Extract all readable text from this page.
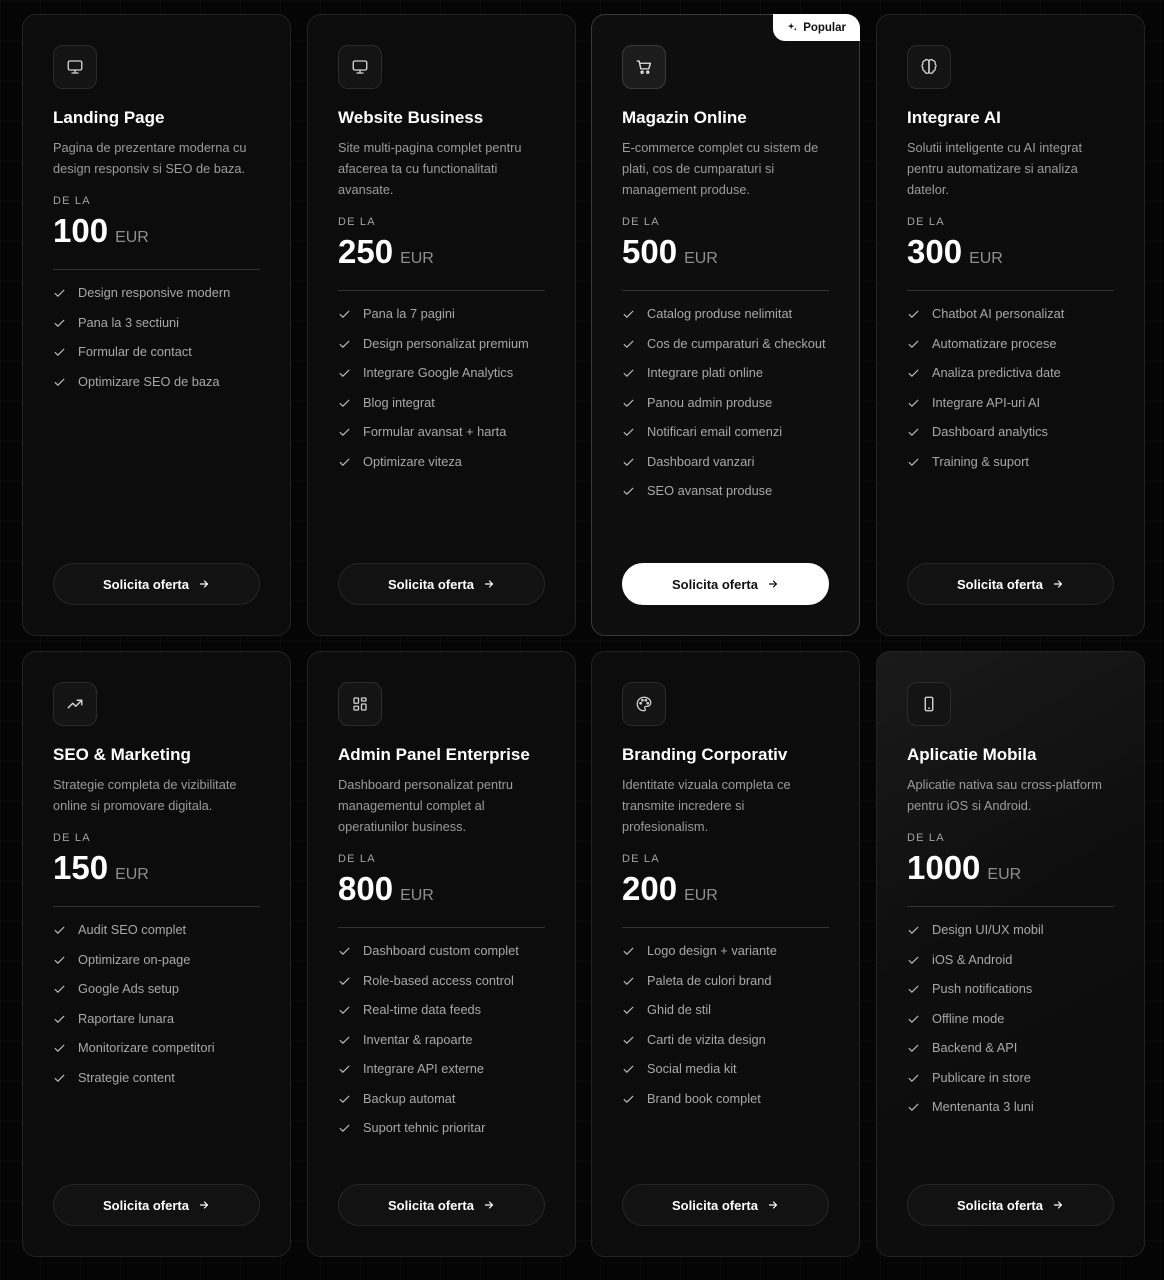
Landing Page
Pagina de prezentare moderna cu design responsiv si SEO de baza.
DE LA
100 EUR
Design responsive modern
Pana la 3 sectiuni
Formular de contact
Optimizare SEO de baza
Solicita oferta
Website Business
Site multi-pagina complet pentru afacerea ta cu functionalitati avansate.
DE LA
250 EUR
Pana la 7 pagini
Design personalizat premium
Integrare Google Analytics
Blog integrat
Formular avansat + harta
Optimizare viteza
Solicita oferta
Popular
Magazin Online
E-commerce complet cu sistem de plati, cos de cumparaturi si management produse.
DE LA
500 EUR
Catalog produse nelimitat
Cos de cumparaturi & checkout
Integrare plati online
Panou admin produse
Notificari email comenzi
Dashboard vanzari
SEO avansat produse
Solicita oferta
Integrare AI
Solutii inteligente cu AI integrat pentru automatizare si analiza datelor.
DE LA
300 EUR
Chatbot AI personalizat
Automatizare procese
Analiza predictiva date
Integrare API-uri AI
Dashboard analytics
Training & suport
Solicita oferta
SEO & Marketing
Strategie completa de vizibilitate online si promovare digitala.
DE LA
150 EUR
Audit SEO complet
Optimizare on-page
Google Ads setup
Raportare lunara
Monitorizare competitori
Strategie content
Solicita oferta
Admin Panel Enterprise
Dashboard personalizat pentru managementul complet al operatiunilor business.
DE LA
800 EUR
Dashboard custom complet
Role-based access control
Real-time data feeds
Inventar & rapoarte
Integrare API externe
Backup automat
Suport tehnic prioritar
Solicita oferta
Branding Corporativ
Identitate vizuala completa ce transmite incredere si profesionalism.
DE LA
200 EUR
Logo design + variante
Paleta de culori brand
Ghid de stil
Carti de vizita design
Social media kit
Brand book complet
Solicita oferta
Aplicatie Mobila
Aplicatie nativa sau cross-platform pentru iOS si Android.
DE LA
1000 EUR
Design UI/UX mobil
iOS & Android
Push notifications
Offline mode
Backend & API
Publicare in store
Mentenanta 3 luni
Solicita oferta
